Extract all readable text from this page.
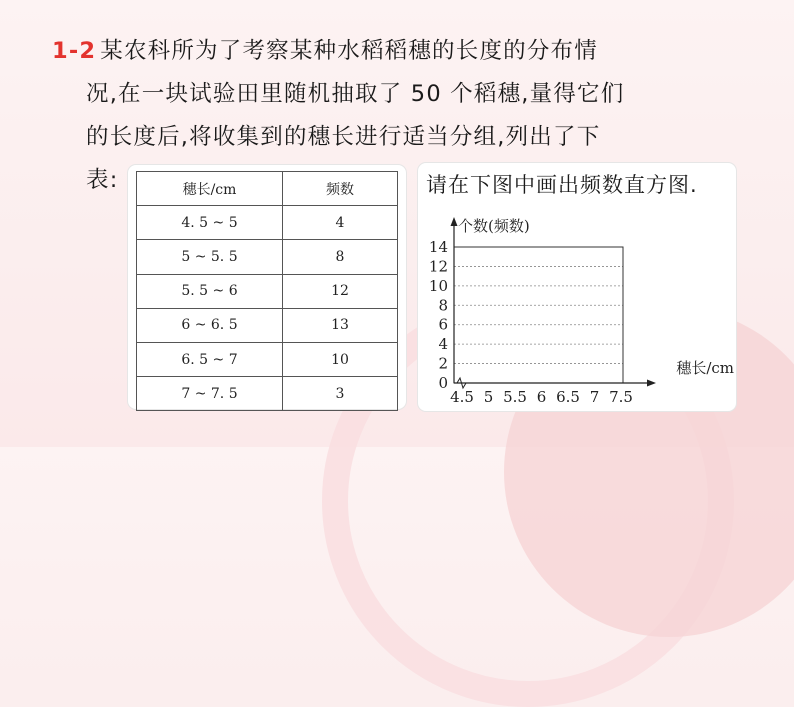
1-2 某农科所为了考察某种水稻稻穗的长度的分布情
况,在一块试验田里随机抽取了 50 个稻穗,量得它们
的长度后,将收集到的穗长进行适当分组,列出了下
表:	穗长/cm	频数
4. 5 ~ 5	4
5 ~ 5. 5	8
5. 5 ~ 6	12
6 ~ 6. 5	13
6. 5 ~ 7	10
7 ~ 7. 5	3
请在下图中画出频数直方图.
0
2
4
6
8
10
12
14
4.5 5 5.5 6 6.5 7 7.5
个数(频数)
穗长/cm
